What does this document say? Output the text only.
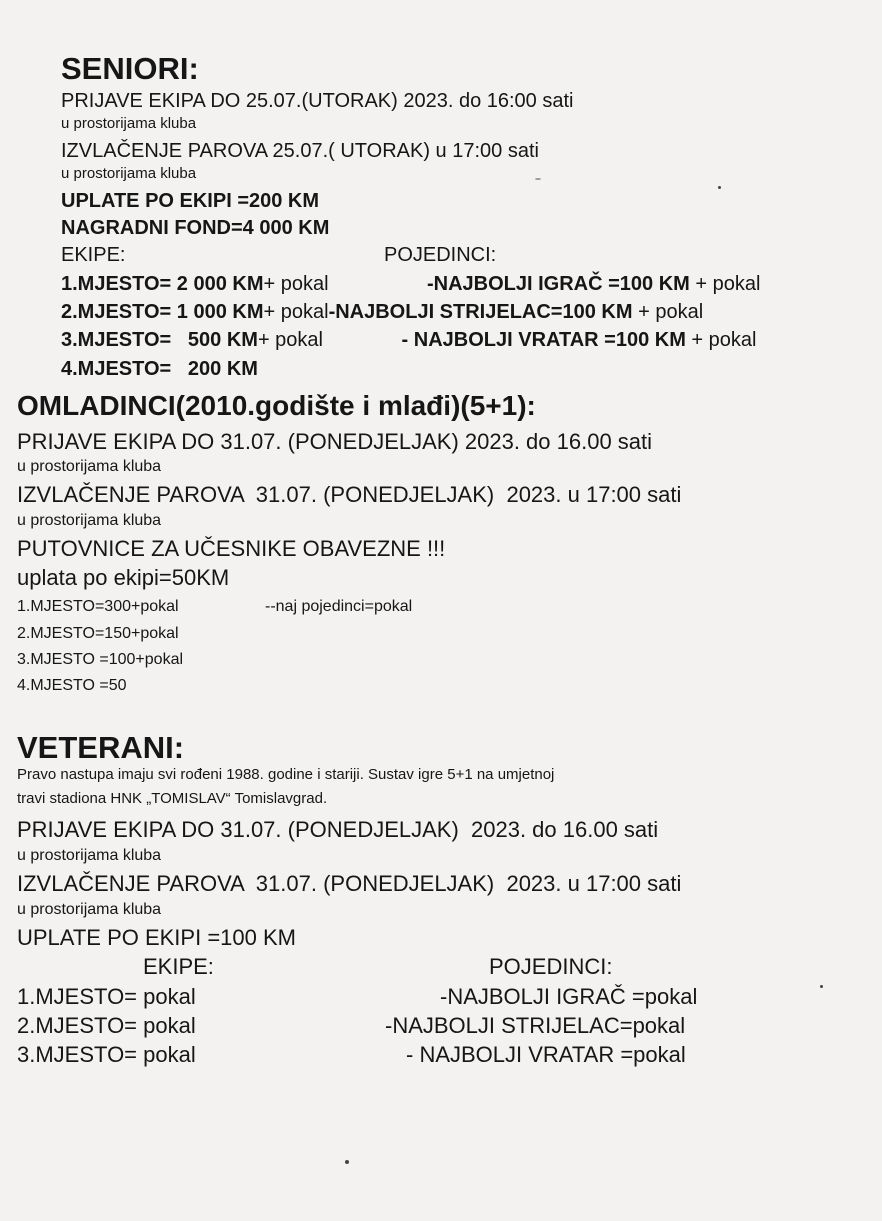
SENIORI:
PRIJAVE EKIPA DO 25.07.(UTORAK) 2023. do 16:00 sati
u prostorijama kluba
IZVLAČENJE PAROVA 25.07.( UTORAK) u 17:00 sati
u prostorijama kluba
UPLATE PO EKIPI =200 KM
NAGRADNI FOND=4 000 KM
EKIPE:	POJEDINCI:
1.MJESTO= 2 000 KM+ pokal	-NAJBOLJI IGRAČ =100 KM + pokal
2.MJESTO= 1 000 KM+ pokal-NAJBOLJI STRIJELAC=100 KM + pokal
3.MJESTO=   500 KM+ pokal	- NAJBOLJI VRATAR =100 KM + pokal
4.MJESTO=   200 KM
OMLADINCI(2010.godište i mlađi)(5+1):
PRIJAVE EKIPA DO 31.07. (PONEDJELJAK) 2023. do 16.00 sati
u prostorijama kluba
IZVLAČENJE PAROVA  31.07. (PONEDJELJAK)  2023. u 17:00 sati
u prostorijama kluba
PUTOVNICE ZA UČESNIKE OBAVEZNE !!!
uplata po ekipi=50KM
1.MJESTO=300+pokal	--naj pojedinci=pokal
2.MJESTO=150+pokal
3.MJESTO =100+pokal
4.MJESTO =50
VETERANI:
Pravo nastupa imaju svi rođeni 1988. godine i stariji. Sustav igre 5+1 na umjetnoj
travi stadiona HNK „TOMISLAV“ Tomislavgrad.
PRIJAVE EKIPA DO 31.07. (PONEDJELJAK)  2023. do 16.00 sati
u prostorijama kluba
IZVLAČENJE PAROVA  31.07. (PONEDJELJAK)  2023. u 17:00 sati
u prostorijama kluba
UPLATE PO EKIPI =100 KM
EKIPE:	POJEDINCI:
1.MJESTO= pokal	-NAJBOLJI IGRAČ =pokal
2.MJESTO= pokal	-NAJBOLJI STRIJELAC=pokal
3.MJESTO= pokal	- NAJBOLJI VRATAR =pokal
